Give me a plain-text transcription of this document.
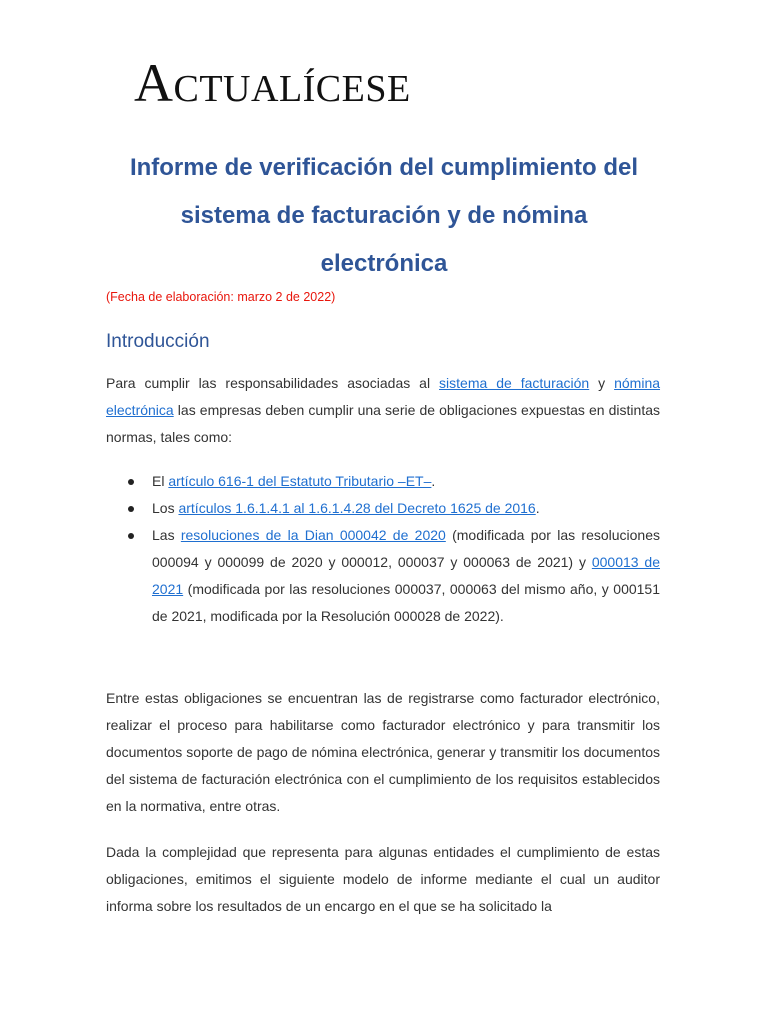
Actualícese
Informe de verificación del cumplimiento del
sistema de facturación y de nómina
electrónica
(Fecha de elaboración: marzo 2 de 2022)
Introducción

Para cumplir las responsabilidades asociadas al sistema de facturación y nómina electrónica las empresas deben cumplir una serie de obligaciones expuestas en distintas normas, tales como:

El artículo 616-1 del Estatuto Tributario –ET–.
Los artículos 1.6.1.4.1 al 1.6.1.4.28 del Decreto 1625 de 2016.
Las resoluciones de la Dian 000042 de 2020 (modificada por las resoluciones 000094 y 000099 de 2020 y 000012, 000037 y 000063 de 2021) y 000013 de 2021 (modificada por las resoluciones 000037, 000063 del mismo año, y 000151 de 2021, modificada por la Resolución 000028 de 2022).

Entre estas obligaciones se encuentran las de registrarse como facturador electrónico, realizar el proceso para habilitarse como facturador electrónico y para transmitir los documentos soporte de pago de nómina electrónica, generar y transmitir los documentos del sistema de facturación electrónica con el cumplimiento de los requisitos establecidos en la normativa, entre otras.

Dada la complejidad que representa para algunas entidades el cumplimiento de estas obligaciones, emitimos el siguiente modelo de informe mediante el cual un auditor informa sobre los resultados de un encargo en el que se ha solicitado la
